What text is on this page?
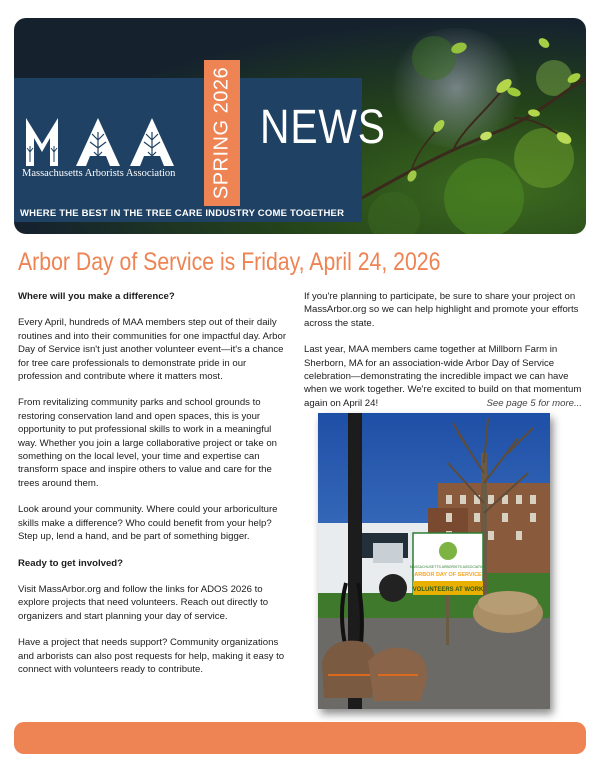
Massachusetts Arborists Association
WHERE THE BEST IN THE TREE CARE INDUSTRY COME TOGETHER
SPRING 2026 NEWS
Arbor Day of Service is Friday, April 24, 2026

Where will you make a difference?

Every April, hundreds of MAA members step out of their daily routines and into their communities for one impactful day. Arbor Day of Service isn't just another volunteer event—it's a chance for tree care professionals to demonstrate pride in our profession and contribute where it matters most.

From revitalizing community parks and school grounds to restoring conservation land and open spaces, this is your opportunity to put professional skills to work in a meaningful way. Whether you join a large collaborative project or take on something on the local level, your time and expertise can transform space and inspire others to value and care for the trees around them.

Look around your community. Where could your arboriculture skills make a difference? Who could benefit from your help? Step up, lend a hand, and be part of something bigger.

Ready to get involved?

Visit MassArbor.org and follow the links for ADOS 2026 to explore projects that need volunteers. Reach out directly to organizers and start planning your day of service.

Have a project that needs support? Community organizations and arborists can also post requests for help, making it easy to connect with volunteers ready to contribute.

If you're planning to participate, be sure to share your project on MassArbor.org so we can help highlight and promote your efforts across the state.

Last year, MAA members came together at Millborn Farm in Sherborn, MA for an association-wide Arbor Day of Service celebration—demonstrating the incredible impact we can have when we work together. We're excited to build on that momentum again on April 24!	See page 5 for more...

MASSACHUSETTS ARBORISTS ASSOCIATION
ARBOR DAY OF SERVICE
VOLUNTEERS AT WORK
